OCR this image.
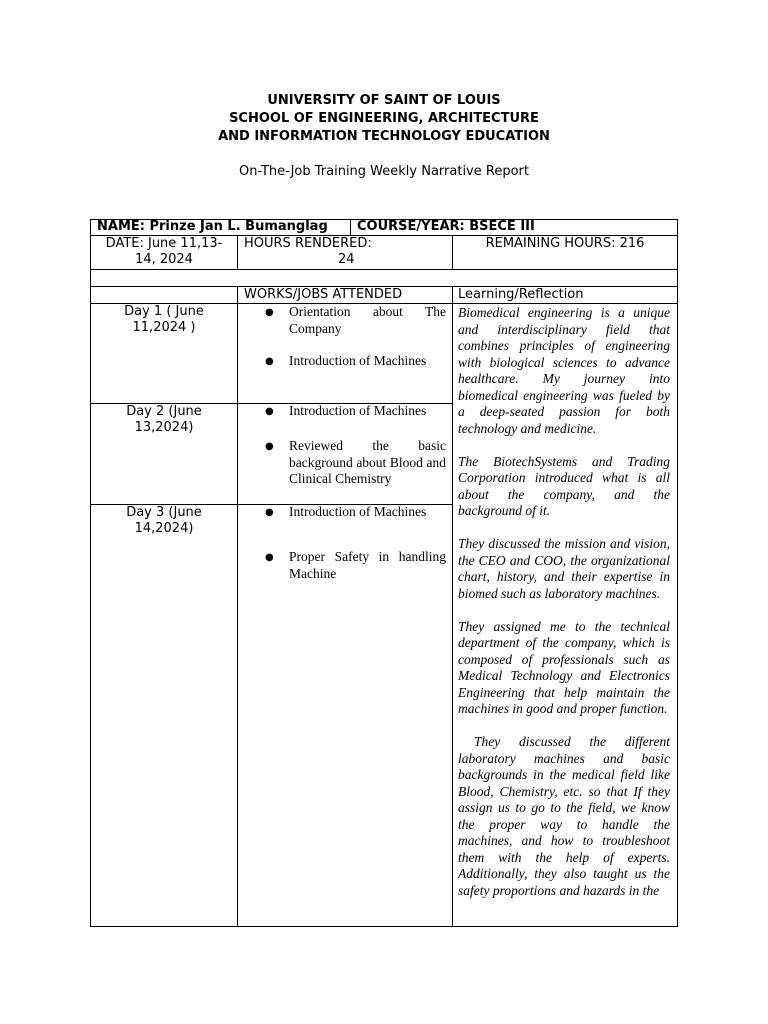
UNIVERSITY OF SAINT OF LOUIS
SCHOOL OF ENGINEERING, ARCHITECTURE
AND INFORMATION TECHNOLOGY EDUCATION
On-The-Job Training Weekly Narrative Report
NAME: Prinze Jan L. Bumanglag COURSE/YEAR: BSECE III
DATE: June 11,13-
14, 2024
HOURS RENDERED:
24
REMAINING HOURS: 216
WORKS/JOBS ATTENDED	Learning/Reflection
Day 1 ( June
11,2024 )
Day 2 (June
13,2024)
Day 3 (June
14,2024)
● Orientation about The Company
● Introduction of Machines
● Introduction of Machines
● Reviewed the basic background about Blood and Clinical Chemistry
● Introduction of Machines
● Proper Safety in handling Machine

Biomedical engineering is a unique and interdisciplinary field that combines principles of engineering with biological sciences to advance healthcare. My journey into biomedical engineering was fueled by a deep-seated passion for both technology and medicine.

The BiotechSystems and Trading Corporation introduced what is all about the company, and the background of it.

They discussed the mission and vision, the CEO and COO, the organizational chart, history, and their expertise in biomed such as laboratory machines.

They assigned me to the technical department of the company, which is composed of professionals such as Medical Technology and Electronics Engineering that help maintain the machines in good and proper function.

They discussed the different laboratory machines and basic backgrounds in the medical field like Blood, Chemistry, etc. so that If they assign us to go to the field, we know the proper way to handle the machines, and how to troubleshoot them with the help of experts. Additionally, they also taught us the safety proportions and hazards in the
